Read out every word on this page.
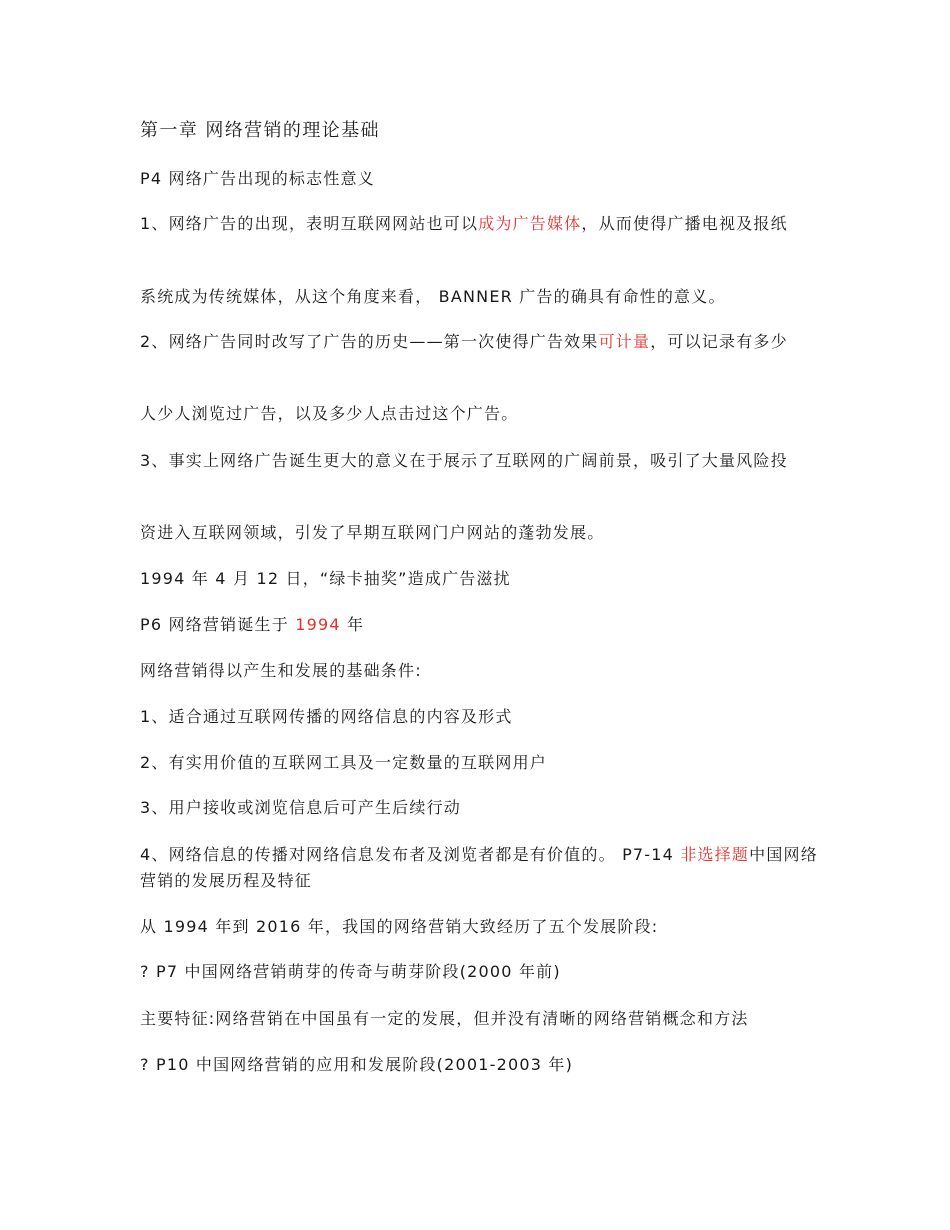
第一章 网络营销的理论基础
P4 网络广告出现的标志性意义
1、网络广告的出现，表明互联网网站也可以成为广告媒体，从而使得广播电视及报纸
系统成为传统媒体，从这个角度来看， BANNER 广告的确具有命性的意义。
2、网络广告同时改写了广告的历史——第一次使得广告效果可计量，可以记录有多少
人少人浏览过广告，以及多少人点击过这个广告。
3、事实上网络广告诞生更大的意义在于展示了互联网的广阔前景，吸引了大量风险投
资进入互联网领域，引发了早期互联网门户网站的蓬勃发展。
1994 年 4 月 12 日，“绿卡抽奖”造成广告滋扰
P6 网络营销诞生于 1994 年
网络营销得以产生和发展的基础条件:
1、适合通过互联网传播的网络信息的内容及形式
2、有实用价值的互联网工具及一定数量的互联网用户
3、用户接收或浏览信息后可产生后续行动
4、网络信息的传播对网络信息发布者及浏览者都是有价值的。 P7-14 非选择题中国网络营销的发展历程及特征
从 1994 年到 2016 年，我国的网络营销大致经历了五个发展阶段:
? P7 中国网络营销萌芽的传奇与萌芽阶段(2000 年前)
主要特征:网络营销在中国虽有一定的发展，但并没有清晰的网络营销概念和方法
? P10 中国网络营销的应用和发展阶段(2001-2003 年)
